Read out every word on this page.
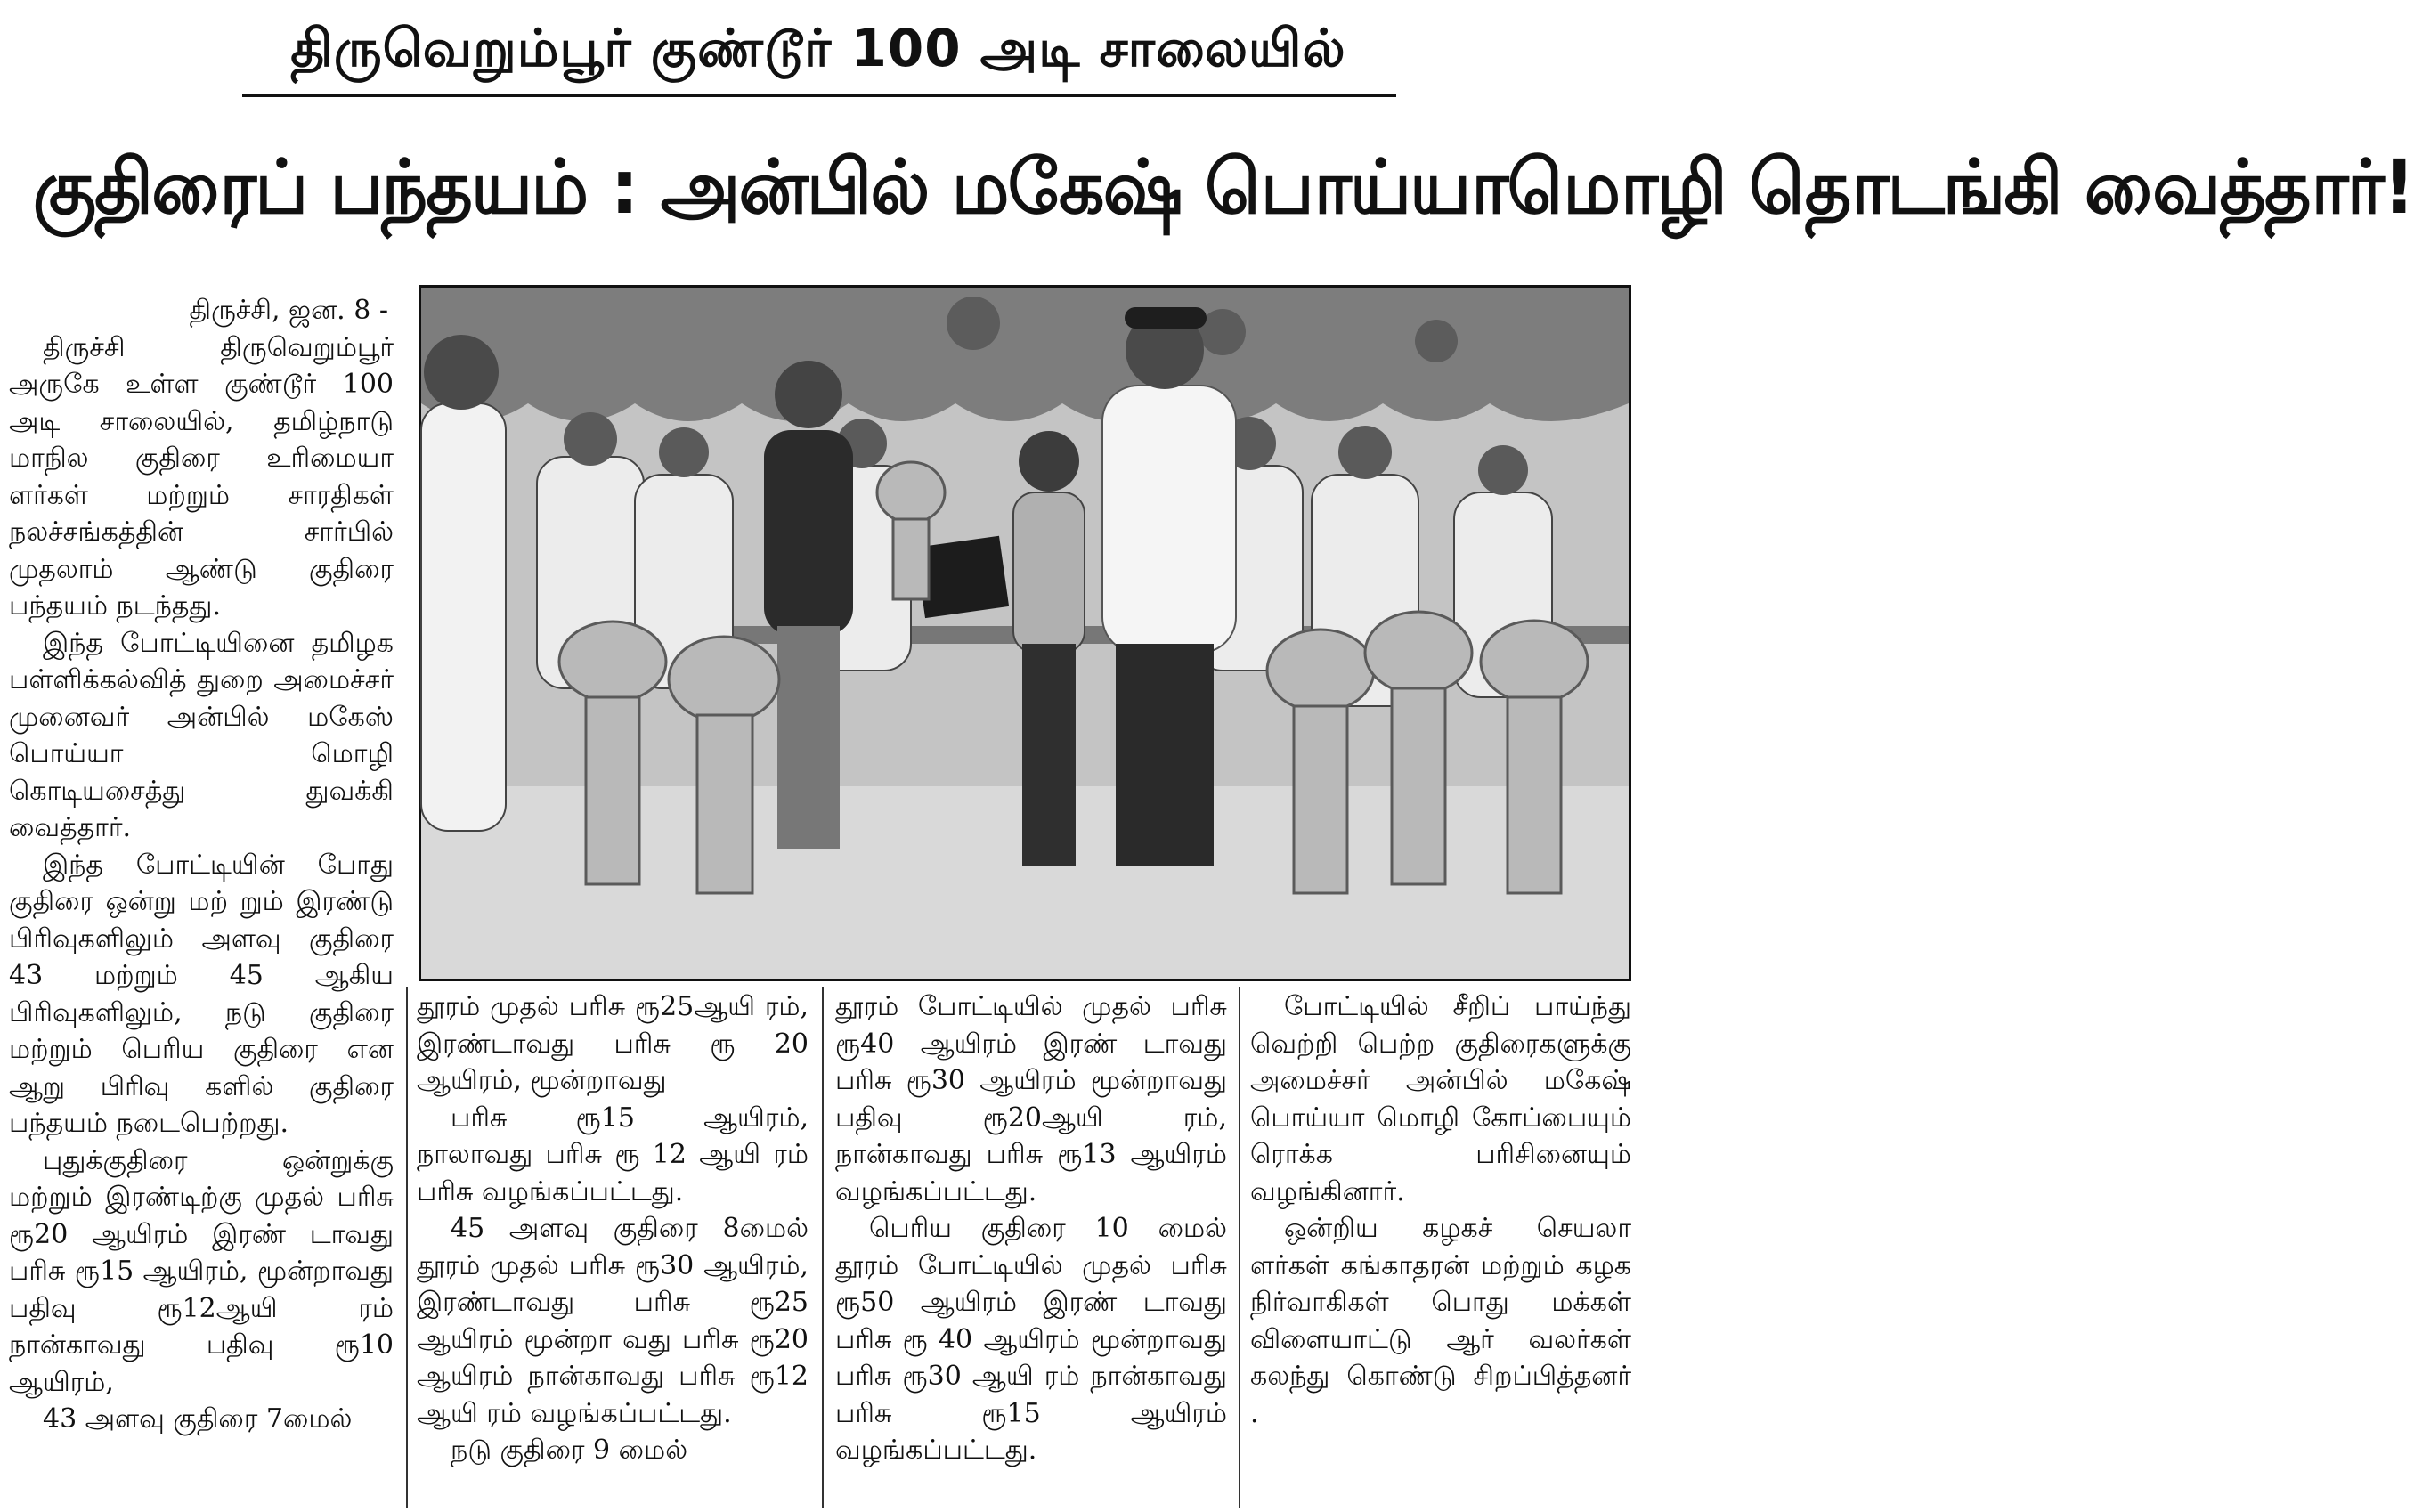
திருவெறும்பூர் குண்டூர் 100 அடி சாலையில்
குதிரைப் பந்தயம் : அன்பில் மகேஷ் பொய்யாமொழி தொடங்கி வைத்தார்!

திருச்சி, ஜன. 8 -

திருச்சி திருவெறும்பூர் அருகே உள்ள குண்டூர் 100 அடி சாலையில், தமிழ்நாடு மாநில குதிரை உரிமையா ளர்கள் மற்றும் சாரதிகள் நலச்சங்கத்தின் சார்பில் முதலாம் ஆண்டு குதிரை பந்தயம் நடந்தது.

இந்த போட்டியினை தமிழக பள்ளிக்கல்வித் துறை அமைச்சர் முனைவர் அன்பில் மகேஸ் பொய்யா மொழி கொடியசைத்து துவக்கி வைத்தார்.

இந்த போட்டியின் போது குதிரை ஒன்று மற் றும் இரண்டு பிரிவுகளிலும் அளவு குதிரை 43 மற்றும் 45 ஆகிய பிரிவுகளிலும், நடு குதிரை மற்றும் பெரிய குதிரை என ஆறு பிரிவு களில் குதிரை பந்தயம் நடைபெற்றது.

புதுக்குதிரை ஒன்றுக்கு மற்றும் இரண்டிற்கு முதல் பரிசு ரூ20 ஆயிரம் இரண் டாவது பரிசு ரூ15 ஆயிரம், மூன்றாவது பதிவு ரூ12ஆயி ரம் நான்காவது பதிவு ரூ10 ஆயிரம்,

43 அளவு குதிரை 7மைல்

தூரம் முதல் பரிசு ரூ25ஆயி ரம், இரண்டாவது பரிசு ரூ 20 ஆயிரம், மூன்றாவது

பரிசு ரூ15 ஆயிரம், நாலாவது பரிசு ரூ 12 ஆயி ரம் பரிசு வழங்கப்பட்டது.

45 அளவு குதிரை 8மைல் தூரம் முதல் பரிசு ரூ30 ஆயிரம், இரண்டாவது பரிசு ரூ25 ஆயிரம் மூன்றா வது பரிசு ரூ20 ஆயிரம் நான்காவது பரிசு ரூ12 ஆயி ரம் வழங்கப்பட்டது.

நடு குதிரை 9 மைல்

தூரம் போட்டியில் முதல் பரிசு ரூ40 ஆயிரம் இரண் டாவது பரிசு ரூ30 ஆயிரம் மூன்றாவது பதிவு ரூ20ஆயி ரம், நான்காவது பரிசு ரூ13 ஆயிரம் வழங்கப்பட்டது.

பெரிய குதிரை 10 மைல் தூரம் போட்டியில் முதல் பரிசு ரூ50 ஆயிரம் இரண் டாவது பரிசு ரூ 40 ஆயிரம் மூன்றாவது பரிசு ரூ30 ஆயி ரம் நான்காவது பரிசு ரூ15 ஆயிரம் வழங்கப்பட்டது.

போட்டியில் சீறிப் பாய்ந்து வெற்றி பெற்ற குதிரைகளுக்கு அமைச்சர் அன்பில் மகேஷ் பொய்யா மொழி கோப்பையும் ரொக்க பரிசினையும் வழங்கினார்.

ஒன்றிய கழகச் செயலா ளர்கள் கங்காதரன் மற்றும் கழக நிர்வாகிகள் பொது மக்கள் விளையாட்டு ஆர் வலர்கள் கலந்து கொண்டு சிறப்பித்தனர் .
